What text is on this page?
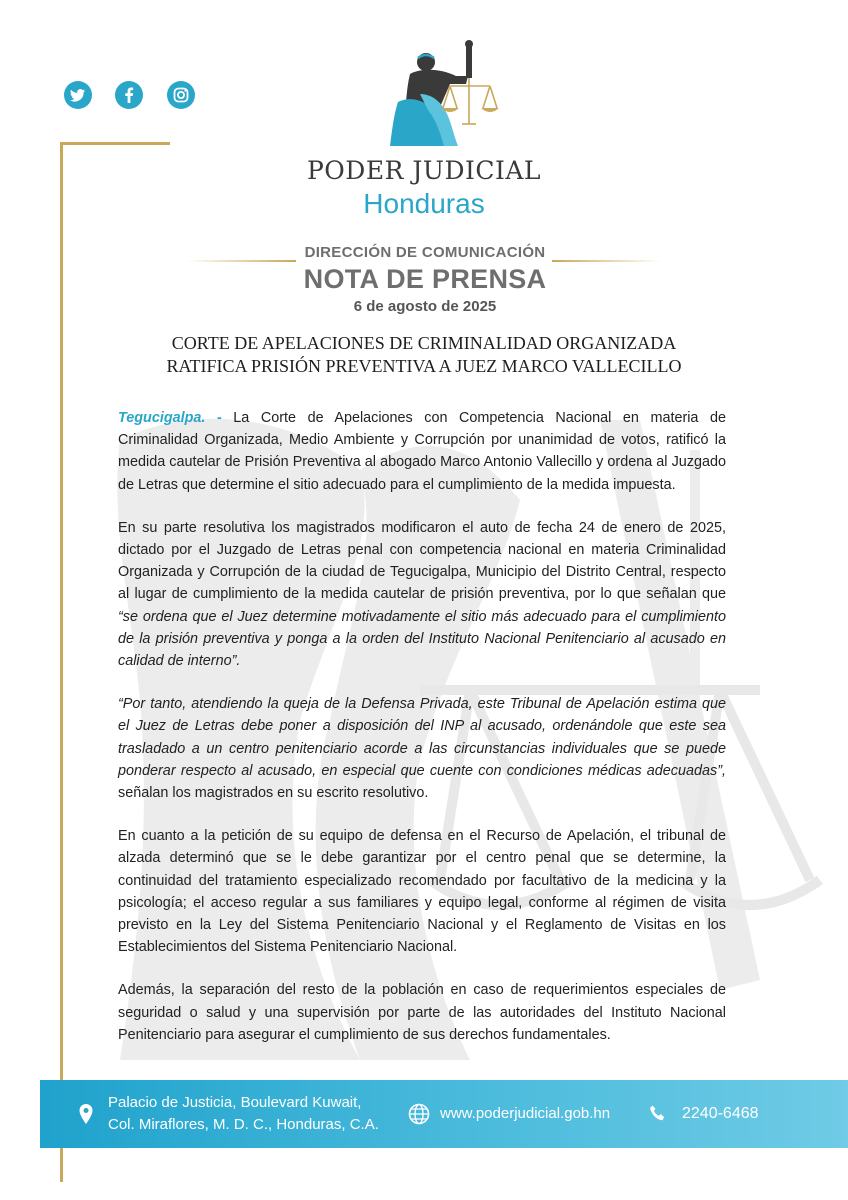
PODER JUDICIAL
Honduras
DIRECCIÓN DE COMUNICACIÓN
NOTA DE PRENSA
6 de agosto de 2025
CORTE DE APELACIONES DE CRIMINALIDAD ORGANIZADA
RATIFICA PRISIÓN PREVENTIVA A JUEZ MARCO VALLECILLO

Tegucigalpa. - La Corte de Apelaciones con Competencia Nacional en materia de Criminalidad Organizada, Medio Ambiente y Corrupción por unanimidad de votos, ratificó la medida cautelar de Prisión Preventiva al abogado Marco Antonio Vallecillo y ordena al Juzgado de Letras que determine el sitio adecuado para el cumplimiento de la medida impuesta.

En su parte resolutiva los magistrados modificaron el auto de fecha 24 de enero de 2025, dictado por el Juzgado de Letras penal con competencia nacional en materia Criminalidad Organizada y Corrupción de la ciudad de Tegucigalpa, Municipio del Distrito Central, respecto al lugar de cumplimiento de la medida cautelar de prisión preventiva, por lo que señalan que “se ordena que el Juez determine motivadamente el sitio más adecuado para el cumplimiento de la prisión preventiva y ponga a la orden del Instituto Nacional Penitenciario al acusado en calidad de interno”.

“Por tanto, atendiendo la queja de la Defensa Privada, este Tribunal de Apelación estima que el Juez de Letras debe poner a disposición del INP al acusado, ordenándole que este sea trasladado a un centro penitenciario acorde a las circunstancias individuales que se puede ponderar respecto al acusado, en especial que cuente con condiciones médicas adecuadas”, señalan los magistrados en su escrito resolutivo.

En cuanto a la petición de su equipo de defensa en el Recurso de Apelación, el tribunal de alzada determinó que se le debe garantizar por el centro penal que se determine, la continuidad del tratamiento especializado recomendado por facultativo de la medicina y la psicología; el acceso regular a sus familiares y equipo legal, conforme al régimen de visita previsto en la Ley del Sistema Penitenciario Nacional y el Reglamento de Visitas en los Establecimientos del Sistema Penitenciario Nacional.

Además, la separación del resto de la población en caso de requerimientos especiales de seguridad o salud y una supervisión por parte de las autoridades del Instituto Nacional Penitenciario para asegurar el cumplimiento de sus derechos fundamentales.

Palacio de Justicia, Boulevard Kuwait,
Col. Miraflores, M. D. C., Honduras, C.A.
www.poderjudicial.gob.hn	2240-6468
